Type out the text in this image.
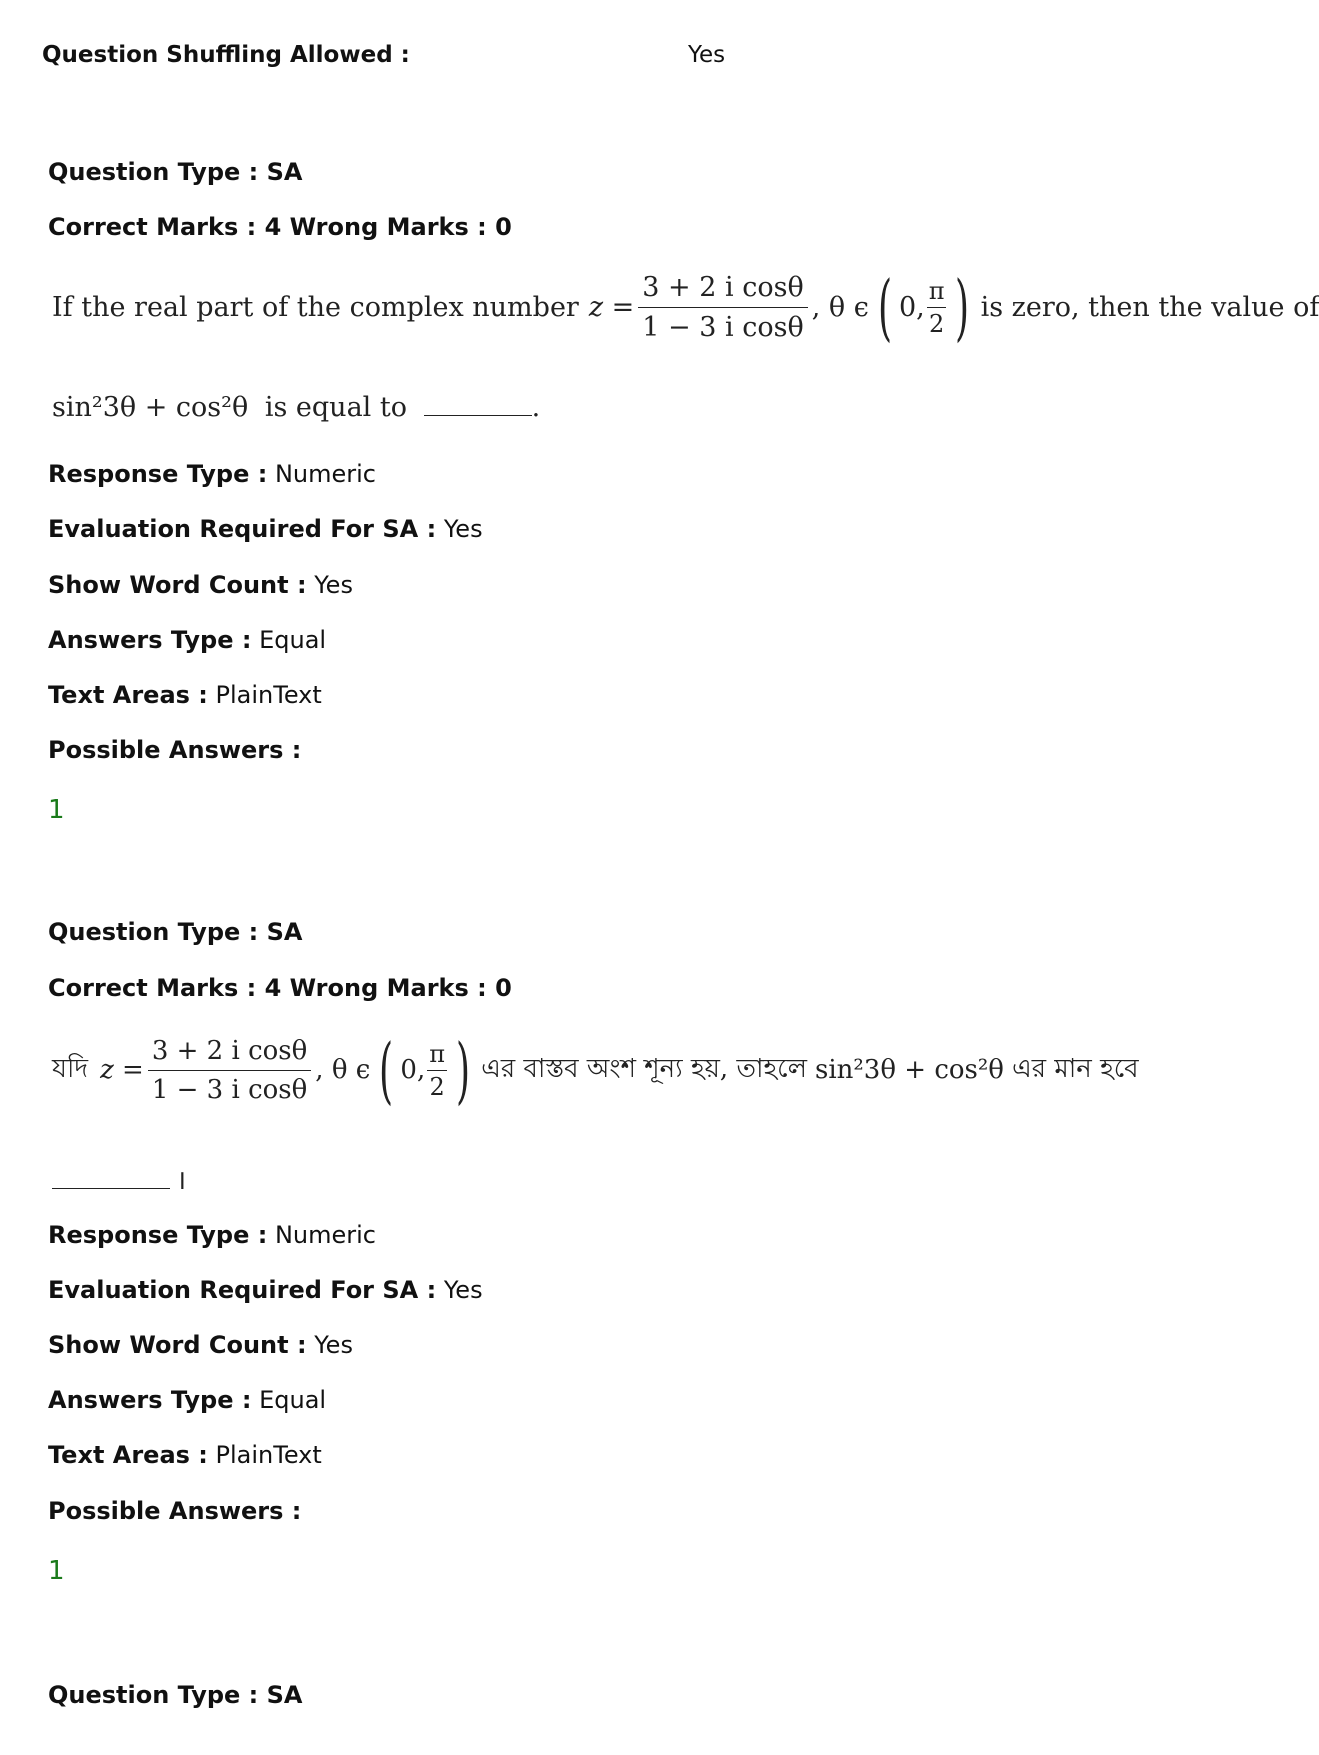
Question Shuffling Allowed :	Yes
Question Type : SA
Correct Marks : 4 Wrong Marks : 0
If the real part of the complex number $z = \frac{\text{3 + 2 i cosθ}}{\text{1 − 3 i cosθ}}$ , θ ϵ ( 0, $\frac{\pi}{2}$ ) is zero, then the value of
sin²3θ + cos²θ is equal to	.
Response Type : Numeric
Evaluation Required For SA : Yes
Show Word Count : Yes
Answers Type : Equal
Text Areas : PlainText
Possible Answers :
1
Question Type : SA
Correct Marks : 4 Wrong Marks : 0
যদি $z = \frac{\text{3 + 2 i cosθ}}{\text{1 − 3 i cosθ}}$ , θ ϵ ( 0, $\frac{\pi}{2}$ ) এর বাস্তব অংশ শূন্য হয়, তাহলে sin²3θ + cos²θ এর মান হবে
।
Response Type : Numeric
Evaluation Required For SA : Yes
Show Word Count : Yes
Answers Type : Equal
Text Areas : PlainText
Possible Answers :
1
Question Type : SA
